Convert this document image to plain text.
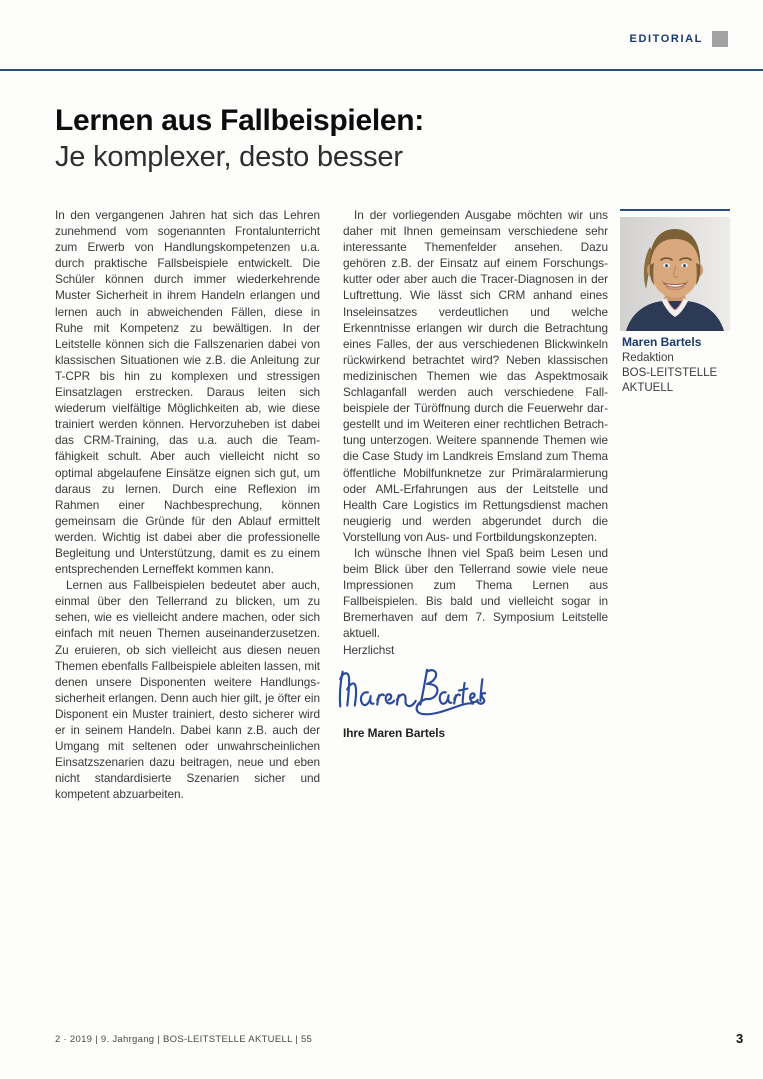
EDITORIAL
Lernen aus Fallbeispielen:
Je komplexer, desto besser

In den vergangenen Jahren hat sich das Lehren zunehmend vom sogenannten Frontalunterricht zum Erwerb von Handlungskompetenzen u.a. durch praktische Fallsbeispiele entwickelt. Die Schüler können durch immer wiederkehrende Muster Sicherheit in ihrem Handeln erlangen und lernen auch in abweichenden Fällen, diese in Ruhe mit Kompetenz zu bewältigen. In der Leitstelle können sich die Fallszenarien dabei von klassischen Situationen wie z.B. die Anleitung zur T-CPR bis hin zu komplexen und stressigen Einsatzlagen erstrecken. Daraus leiten sich wiederum vielfältige Möglichkeiten ab, wie diese trainiert werden können. Hervorzuheben ist dabei das CRM-Training, das u.a. auch die Teamfähigkeit schult. Aber auch vielleicht nicht so optimal abgelaufene Einsätze eignen sich gut, um daraus zu lernen. Durch eine Reflexion im Rahmen einer Nachbesprechung, können gemeinsam die Gründe für den Ablauf ermittelt werden. Wichtig ist dabei aber die professionelle Begleitung und Unterstützung, damit es zu einem entsprechenden Lerneffekt kommen kann.

Lernen aus Fallbeispielen bedeutet aber auch, einmal über den Tellerrand zu blicken, um zu sehen, wie es vielleicht andere machen, oder sich einfach mit neuen Themen auseinanderzusetzen. Zu eruieren, ob sich vielleicht aus diesen neuen Themen ebenfalls Fallbeispiele ableiten lassen, mit denen unsere Disponenten weitere Handlungssicherheit erlangen. Denn auch hier gilt, je öfter ein Disponent ein Muster trainiert, desto sicherer wird er in seinem Handeln. Dabei kann z.B. auch der Umgang mit seltenen oder unwahrscheinlichen Einsatzszenarien dazu beitragen, neue und eben nicht standardisierte Szenarien sicher und kompetent abzuarbeiten.

In der vorliegenden Ausgabe möchten wir uns daher mit Ihnen gemeinsam verschiedene sehr interessante Themenfelder ansehen. Dazu gehören z.B. der Einsatz auf einem Forschungskutter oder aber auch die Tracer-Diagnosen in der Luftrettung. Wie lässt sich CRM anhand eines Inseleinsatzes verdeutlichen und welche Erkenntnisse erlangen wir durch die Betrachtung eines Falles, der aus verschiedenen Blickwinkeln rückwirkend betrachtet wird? Neben klassischen medizinischen Themen wie das Aspektmosaik Schlaganfall werden auch verschiedene Fallbeispiele der Türöffnung durch die Feuerwehr dargestellt und im Weiteren einer rechtlichen Betrachtung unterzogen. Weitere spannende Themen wie die Case Study im Landkreis Emsland zum Thema öffentliche Mobilfunknetze zur Primäralarmierung oder AML-Erfahrungen aus der Leitstelle und Health Care Logistics im Rettungsdienst machen neugierig und werden abgerundet durch die Vorstellung von Aus- und Fortbildungskonzepten.

Ich wünsche Ihnen viel Spaß beim Lesen und beim Blick über den Tellerrand sowie viele neue Impressionen zum Thema Lernen aus Fallbeispielen. Bis bald und vielleicht sogar in Bremerhaven auf dem 7. Symposium Leitstelle aktuell.

Herzlichst

Ihre Maren Bartels

Maren Bartels
Redaktion
BOS-LEITSTELLE
AKTUELL
2 · 2019 | 9. Jahrgang | BOS-LEITSTELLE AKTUELL | 55	3
